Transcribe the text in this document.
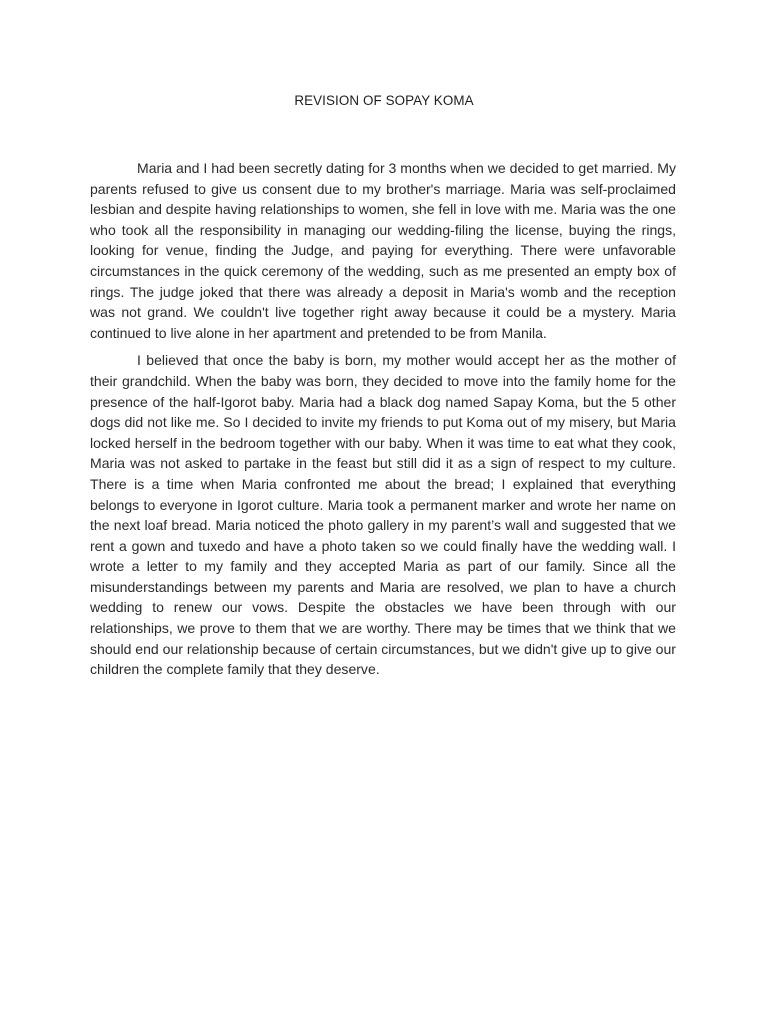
REVISION OF SOPAY KOMA

Maria and I had been secretly dating for 3 months when we decided to get married. My parents refused to give us consent due to my brother's marriage. Maria was self-proclaimed lesbian and despite having relationships to women, she fell in love with me. Maria was the one who took all the responsibility in managing our wedding-filing the license, buying the rings, looking for venue, finding the Judge, and paying for everything. There were unfavorable circumstances in the quick ceremony of the wedding, such as me presented an empty box of rings. The judge joked that there was already a deposit in Maria's womb and the reception was not grand. We couldn't live together right away because it could be a mystery. Maria continued to live alone in her apartment and pretended to be from Manila.

I believed that once the baby is born, my mother would accept her as the mother of their grandchild. When the baby was born, they decided to move into the family home for the presence of the half-Igorot baby. Maria had a black dog named Sapay Koma, but the 5 other dogs did not like me. So I decided to invite my friends to put Koma out of my misery, but Maria locked herself in the bedroom together with our baby. When it was time to eat what they cook, Maria was not asked to partake in the feast but still did it as a sign of respect to my culture. There is a time when Maria confronted me about the bread; I explained that everything belongs to everyone in Igorot culture. Maria took a permanent marker and wrote her name on the next loaf bread. Maria noticed the photo gallery in my parent’s wall and suggested that we rent a gown and tuxedo and have a photo taken so we could finally have the wedding wall. I wrote a letter to my family and they accepted Maria as part of our family. Since all the misunderstandings between my parents and Maria are resolved, we plan to have a church wedding to renew our vows. Despite the obstacles we have been through with our relationships, we prove to them that we are worthy. There may be times that we think that we should end our relationship because of certain circumstances, but we didn't give up to give our children the complete family that they deserve.
